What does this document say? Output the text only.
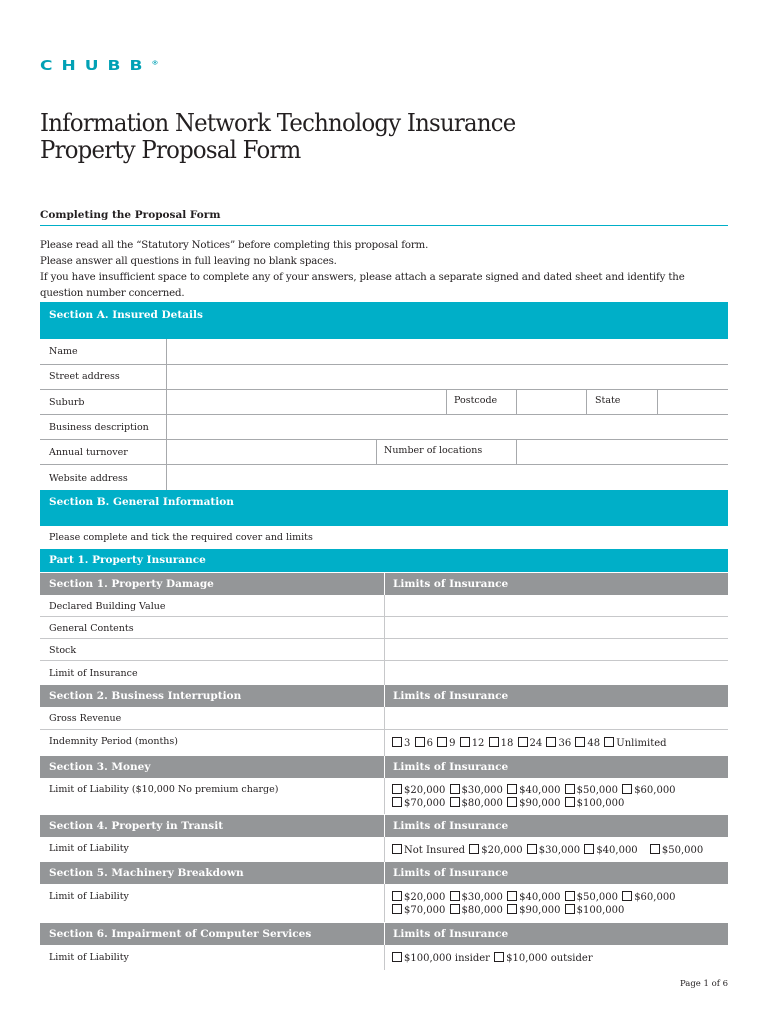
CHUBB®
Information Network Technology Insurance
Property Proposal Form
Completing the Proposal Form

Please read all the “Statutory Notices” before completing this proposal form.

Please answer all questions in full leaving no blank spaces.

If you have insufficient space to complete any of your answers, please attach a separate signed and dated sheet and identify the question number concerned.

Section A. Insured Details
Name
Street address
Suburb	Postcode	State
Business description
Annual turnover	Number of locations
Website address
Section B. General Information
Please complete and tick the required cover and limits
Part 1. Property Insurance
Section 1. Property Damage	Limits of Insurance
Declared Building Value
General Contents
Stock
Limit of Insurance
Section 2. Business Interruption	Limits of Insurance
Gross Revenue
Indemnity Period (months)	3 6 9 12 18 24 36 48 Unlimited
Section 3. Money	Limits of Insurance
Limit of Liability ($10,000 No premium charge)	$20,000 $30,000 $40,000 $50,000 $60,000
$70,000 $80,000 $90,000 $100,000
Section 4. Property in Transit	Limits of Insurance
Limit of Liability	Not Insured $20,000 $30,000 $40,000 $50,000
Section 5. Machinery Breakdown	Limits of Insurance
Limit of Liability	$20,000 $30,000 $40,000 $50,000 $60,000
$70,000 $80,000 $90,000 $100,000
Section 6. Impairment of Computer Services	Limits of Insurance
Limit of Liability	$100,000 insider $10,000 outsider
Page 1 of 6
